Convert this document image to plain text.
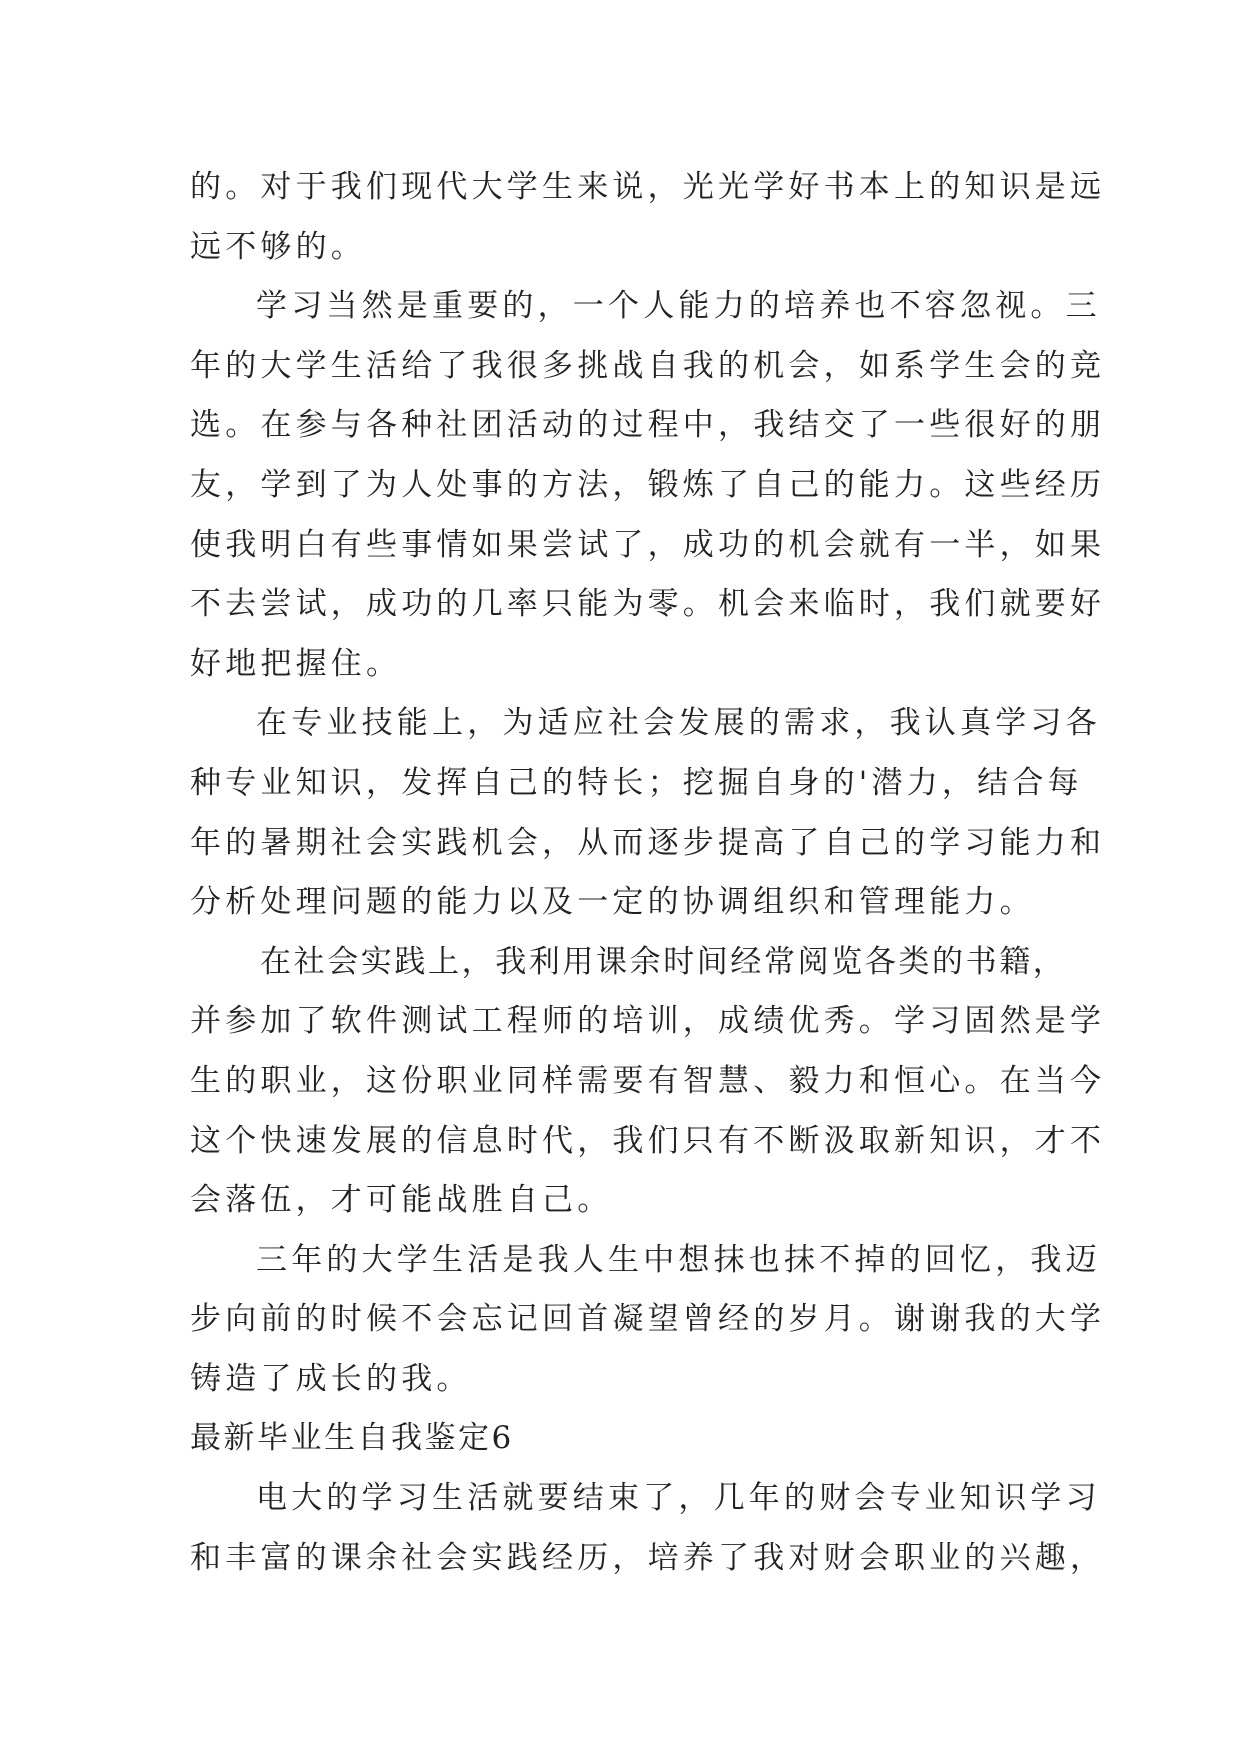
的。对于我们现代大学生来说，光光学好书本上的知识是远
远不够的。
学习当然是重要的，一个人能力的培养也不容忽视。三
年的大学生活给了我很多挑战自我的机会，如系学生会的竞
选。在参与各种社团活动的过程中，我结交了一些很好的朋
友，学到了为人处事的方法，锻炼了自己的能力。这些经历
使我明白有些事情如果尝试了，成功的机会就有一半，如果
不去尝试，成功的几率只能为零。机会来临时，我们就要好
好地把握住。
在专业技能上，为适应社会发展的需求，我认真学习各
种专业知识，发挥自己的特长；挖掘自身的'潜力，结合每
年的暑期社会实践机会，从而逐步提高了自己的学习能力和
分析处理问题的能力以及一定的协调组织和管理能力。
在社会实践上，我利用课余时间经常阅览各类的书籍，
并参加了软件测试工程师的培训，成绩优秀。学习固然是学
生的职业，这份职业同样需要有智慧、毅力和恒心。在当今
这个快速发展的信息时代，我们只有不断汲取新知识，才不
会落伍，才可能战胜自己。
三年的大学生活是我人生中想抹也抹不掉的回忆，我迈
步向前的时候不会忘记回首凝望曾经的岁月。谢谢我的大学
铸造了成长的我。
最新毕业生自我鉴定6
电大的学习生活就要结束了，几年的财会专业知识学习
和丰富的课余社会实践经历，培养了我对财会职业的兴趣，
